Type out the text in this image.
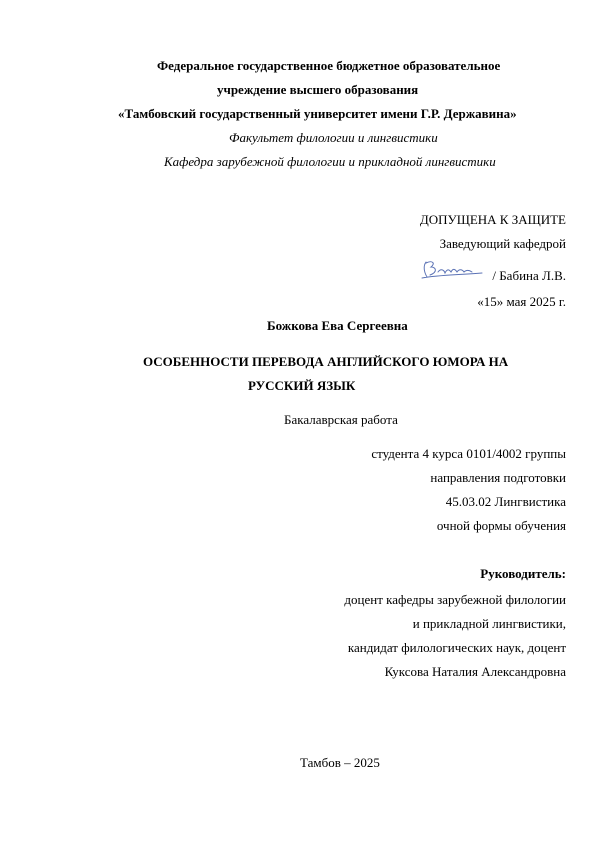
Федеральное государственное бюджетное образовательное
учреждение высшего образования
«Тамбовский государственный университет имени Г.Р. Державина»
Факультет филологии и лингвистики
Кафедра зарубежной филологии и прикладной лингвистики
ДОПУЩЕНА К ЗАЩИТЕ
Заведующий кафедрой
/ Бабина Л.В.
«15» мая 2025 г.
Божкова Ева Сергеевна
ОСОБЕННОСТИ ПЕРЕВОДА АНГЛИЙСКОГО ЮМОРА НА
РУССКИЙ ЯЗЫК
Бакалаврская работа
студента 4 курса 0101/4002 группы
направления подготовки
45.03.02 Лингвистика
очной формы обучения
Руководитель:
доцент кафедры зарубежной филологии
и прикладной лингвистики,
кандидат филологических наук, доцент
Куксова Наталия Александровна
Тамбов – 2025
